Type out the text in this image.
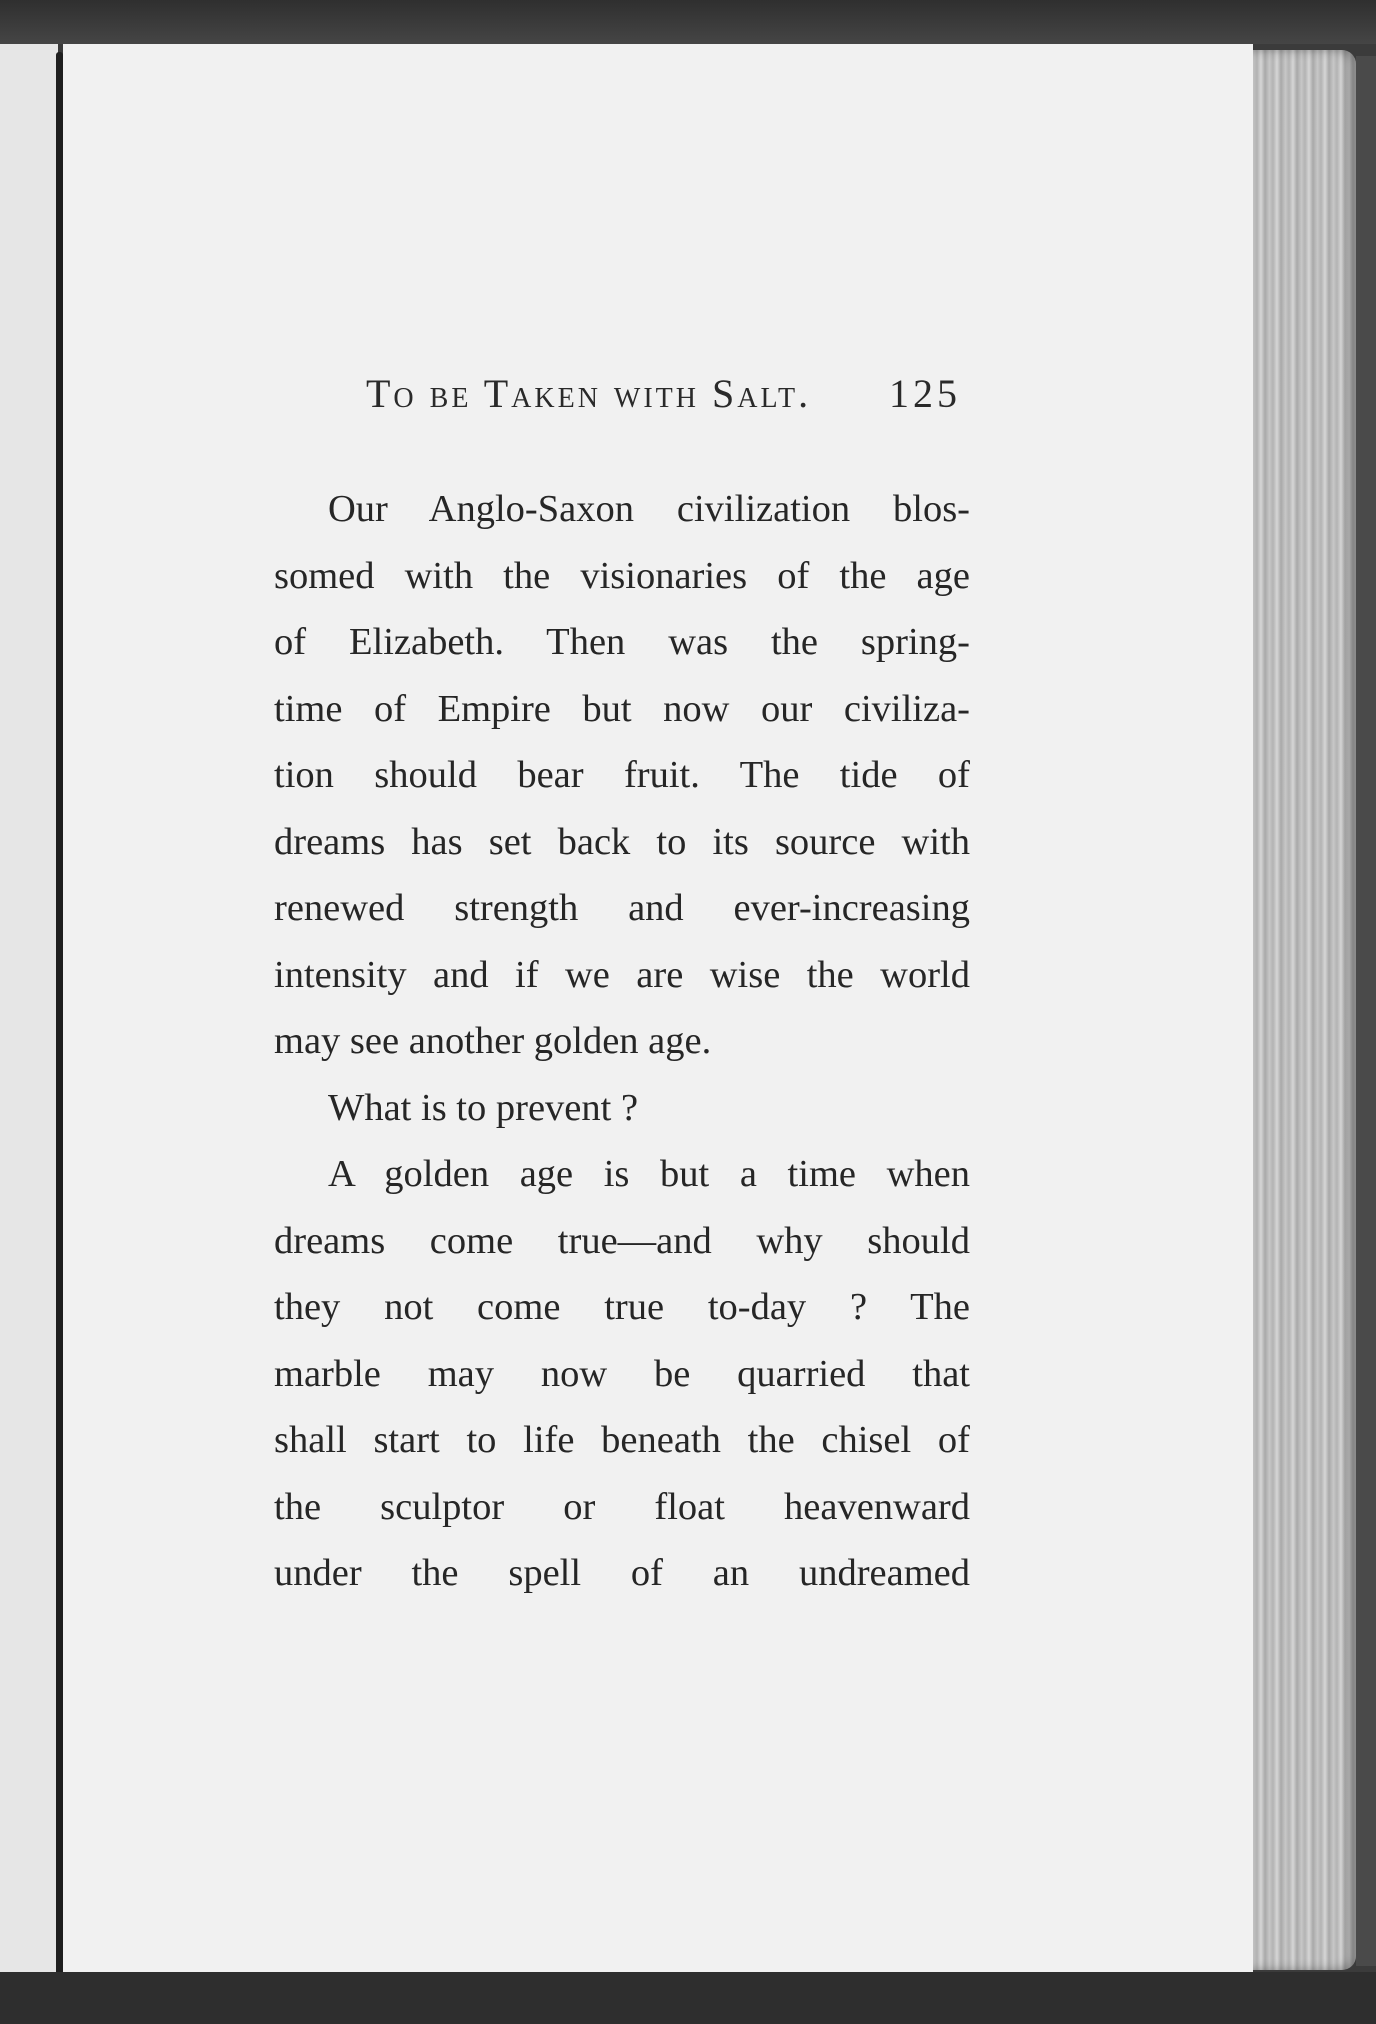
To be Taken with Salt. 125
Our Anglo-Saxon civilization blos-
somed with the visionaries of the age
of Elizabeth. Then was the spring-
time of Empire but now our civiliza-
tion should bear fruit. The tide of
dreams has set back to its source with
renewed strength and ever-increasing
intensity and if we are wise the world
may see another golden age.
What is to prevent ?
A golden age is but a time when
dreams come true—and why should
they not come true to-day ? The
marble may now be quarried that
shall start to life beneath the chisel of
the sculptor or float heavenward
under the spell of an undreamed
